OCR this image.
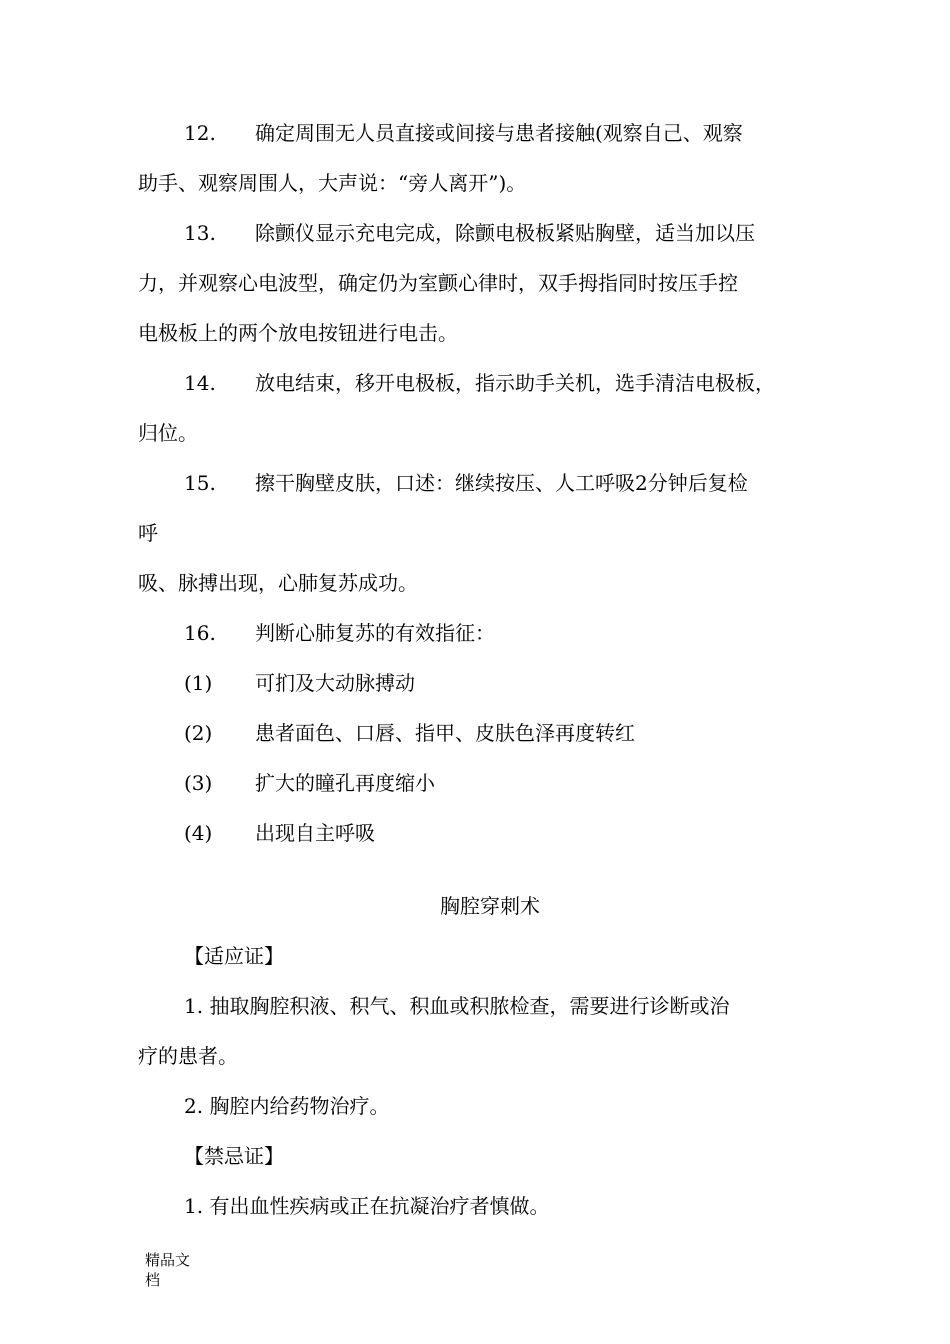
12. 确定周围无人员直接或间接与患者接触(观察自己、观察
助手、观察周围人，大声说：“旁人离开”)。
13. 除颤仪显示充电完成，除颤电极板紧贴胸壁，适当加以压
力，并观察心电波型，确定仍为室颤心律时，双手拇指同时按压手控
电极板上的两个放电按钮进行电击。
14. 放电结束，移开电极板，指示助手关机，选手清洁电极板，
归位。
15. 擦干胸壁皮肤，口述：继续按压、人工呼吸2分钟后复检
呼
吸、脉搏出现，心肺复苏成功。
16. 判断心肺复苏的有效指征：
(1) 可扪及大动脉搏动
(2) 患者面色、口唇、指甲、皮肤色泽再度转红
(3) 扩大的瞳孔再度缩小
(4) 出现自主呼吸
胸腔穿刺术
【适应证】
1. 抽取胸腔积液、积气、积血或积脓检查，需要进行诊断或治
疗的患者。
2. 胸腔内给药物治疗。
【禁忌证】
1. 有出血性疾病或正在抗凝治疗者慎做。
精品文
档
